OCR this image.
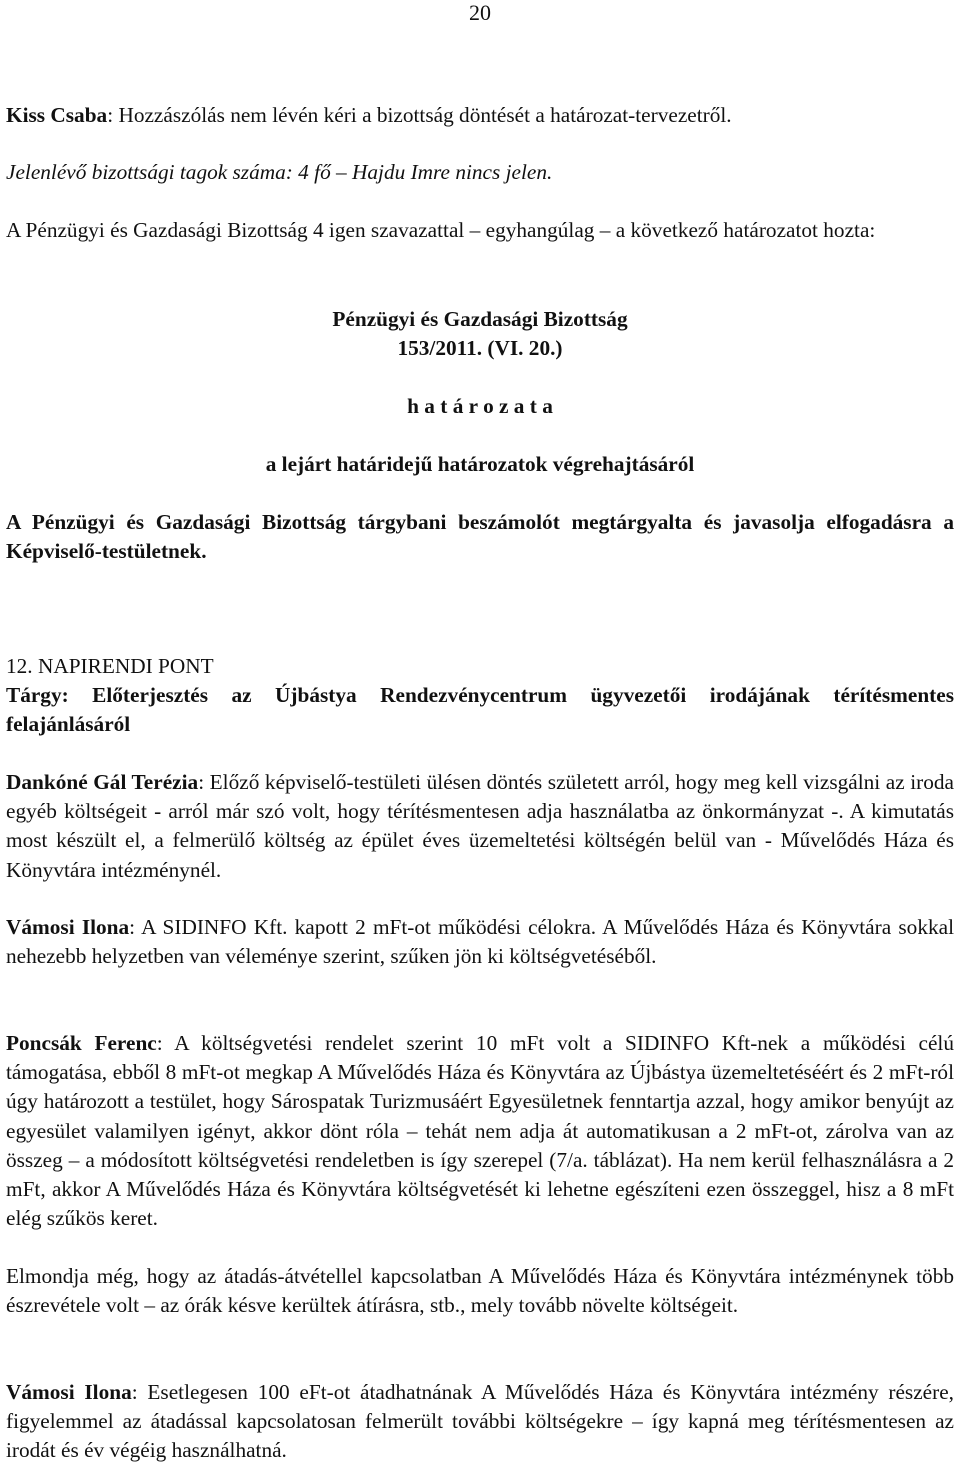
20

Kiss Csaba: Hozzászólás nem lévén kéri a bizottság döntését a határozat-tervezetről.

Jelenlévő bizottsági tagok száma: 4 fő – Hajdu Imre nincs jelen.

A Pénzügyi és Gazdasági Bizottság 4 igen szavazattal – egyhangúlag – a következő határozatot hozta:

Pénzügyi és Gazdasági Bizottság

153/2011. (VI. 20.)

h a t á r o z a t a

a lejárt határidejű határozatok végrehajtásáról

A Pénzügyi és Gazdasági Bizottság tárgybani beszámolót megtárgyalta és javasolja elfogadásra a Képviselő-testületnek.

12. NAPIRENDI PONT

Tárgy: Előterjesztés az Újbástya Rendezvénycentrum ügyvezetői irodájának térítésmentes felajánlásáról

Dankóné Gál Terézia: Előző képviselő-testületi ülésen döntés született arról, hogy meg kell vizsgálni az iroda egyéb költségeit - arról már szó volt, hogy térítésmentesen adja használatba az önkormányzat -. A kimutatás most készült el, a felmerülő költség az épület éves üzemeltetési költségén belül van - Művelődés Háza és Könyvtára intézménynél.

Vámosi Ilona: A SIDINFO Kft. kapott 2 mFt-ot működési célokra. A Művelődés Háza és Könyvtára sokkal nehezebb helyzetben van véleménye szerint, szűken jön ki költségvetéséből.

Poncsák Ferenc: A költségvetési rendelet szerint 10 mFt volt a SIDINFO Kft-nek a működési célú támogatása, ebből 8 mFt-ot megkap A Művelődés Háza és Könyvtára az Újbástya üzemeltetéséért és 2 mFt-ról úgy határozott a testület, hogy Sárospatak Turizmusáért Egyesületnek fenntartja azzal, hogy amikor benyújt az egyesület valamilyen igényt, akkor dönt róla – tehát nem adja át automatikusan a 2 mFt-ot, zárolva van az összeg – a módosított költségvetési rendeletben is így szerepel (7/a. táblázat). Ha nem kerül felhasználásra a 2 mFt, akkor A Művelődés Háza és Könyvtára költségvetését ki lehetne egészíteni ezen összeggel, hisz a 8 mFt elég szűkös keret.

Elmondja még, hogy az átadás-átvétellel kapcsolatban A Művelődés Háza és Könyvtára intézménynek több észrevétele volt – az órák késve kerültek átírásra, stb., mely tovább növelte költségeit.

Vámosi Ilona: Esetlegesen 100 eFt-ot átadhatnának A Művelődés Háza és Könyvtára intézmény részére, figyelemmel az átadással kapcsolatosan felmerült további költségekre – így kapná meg térítésmentesen az irodát és év végéig használhatná.
